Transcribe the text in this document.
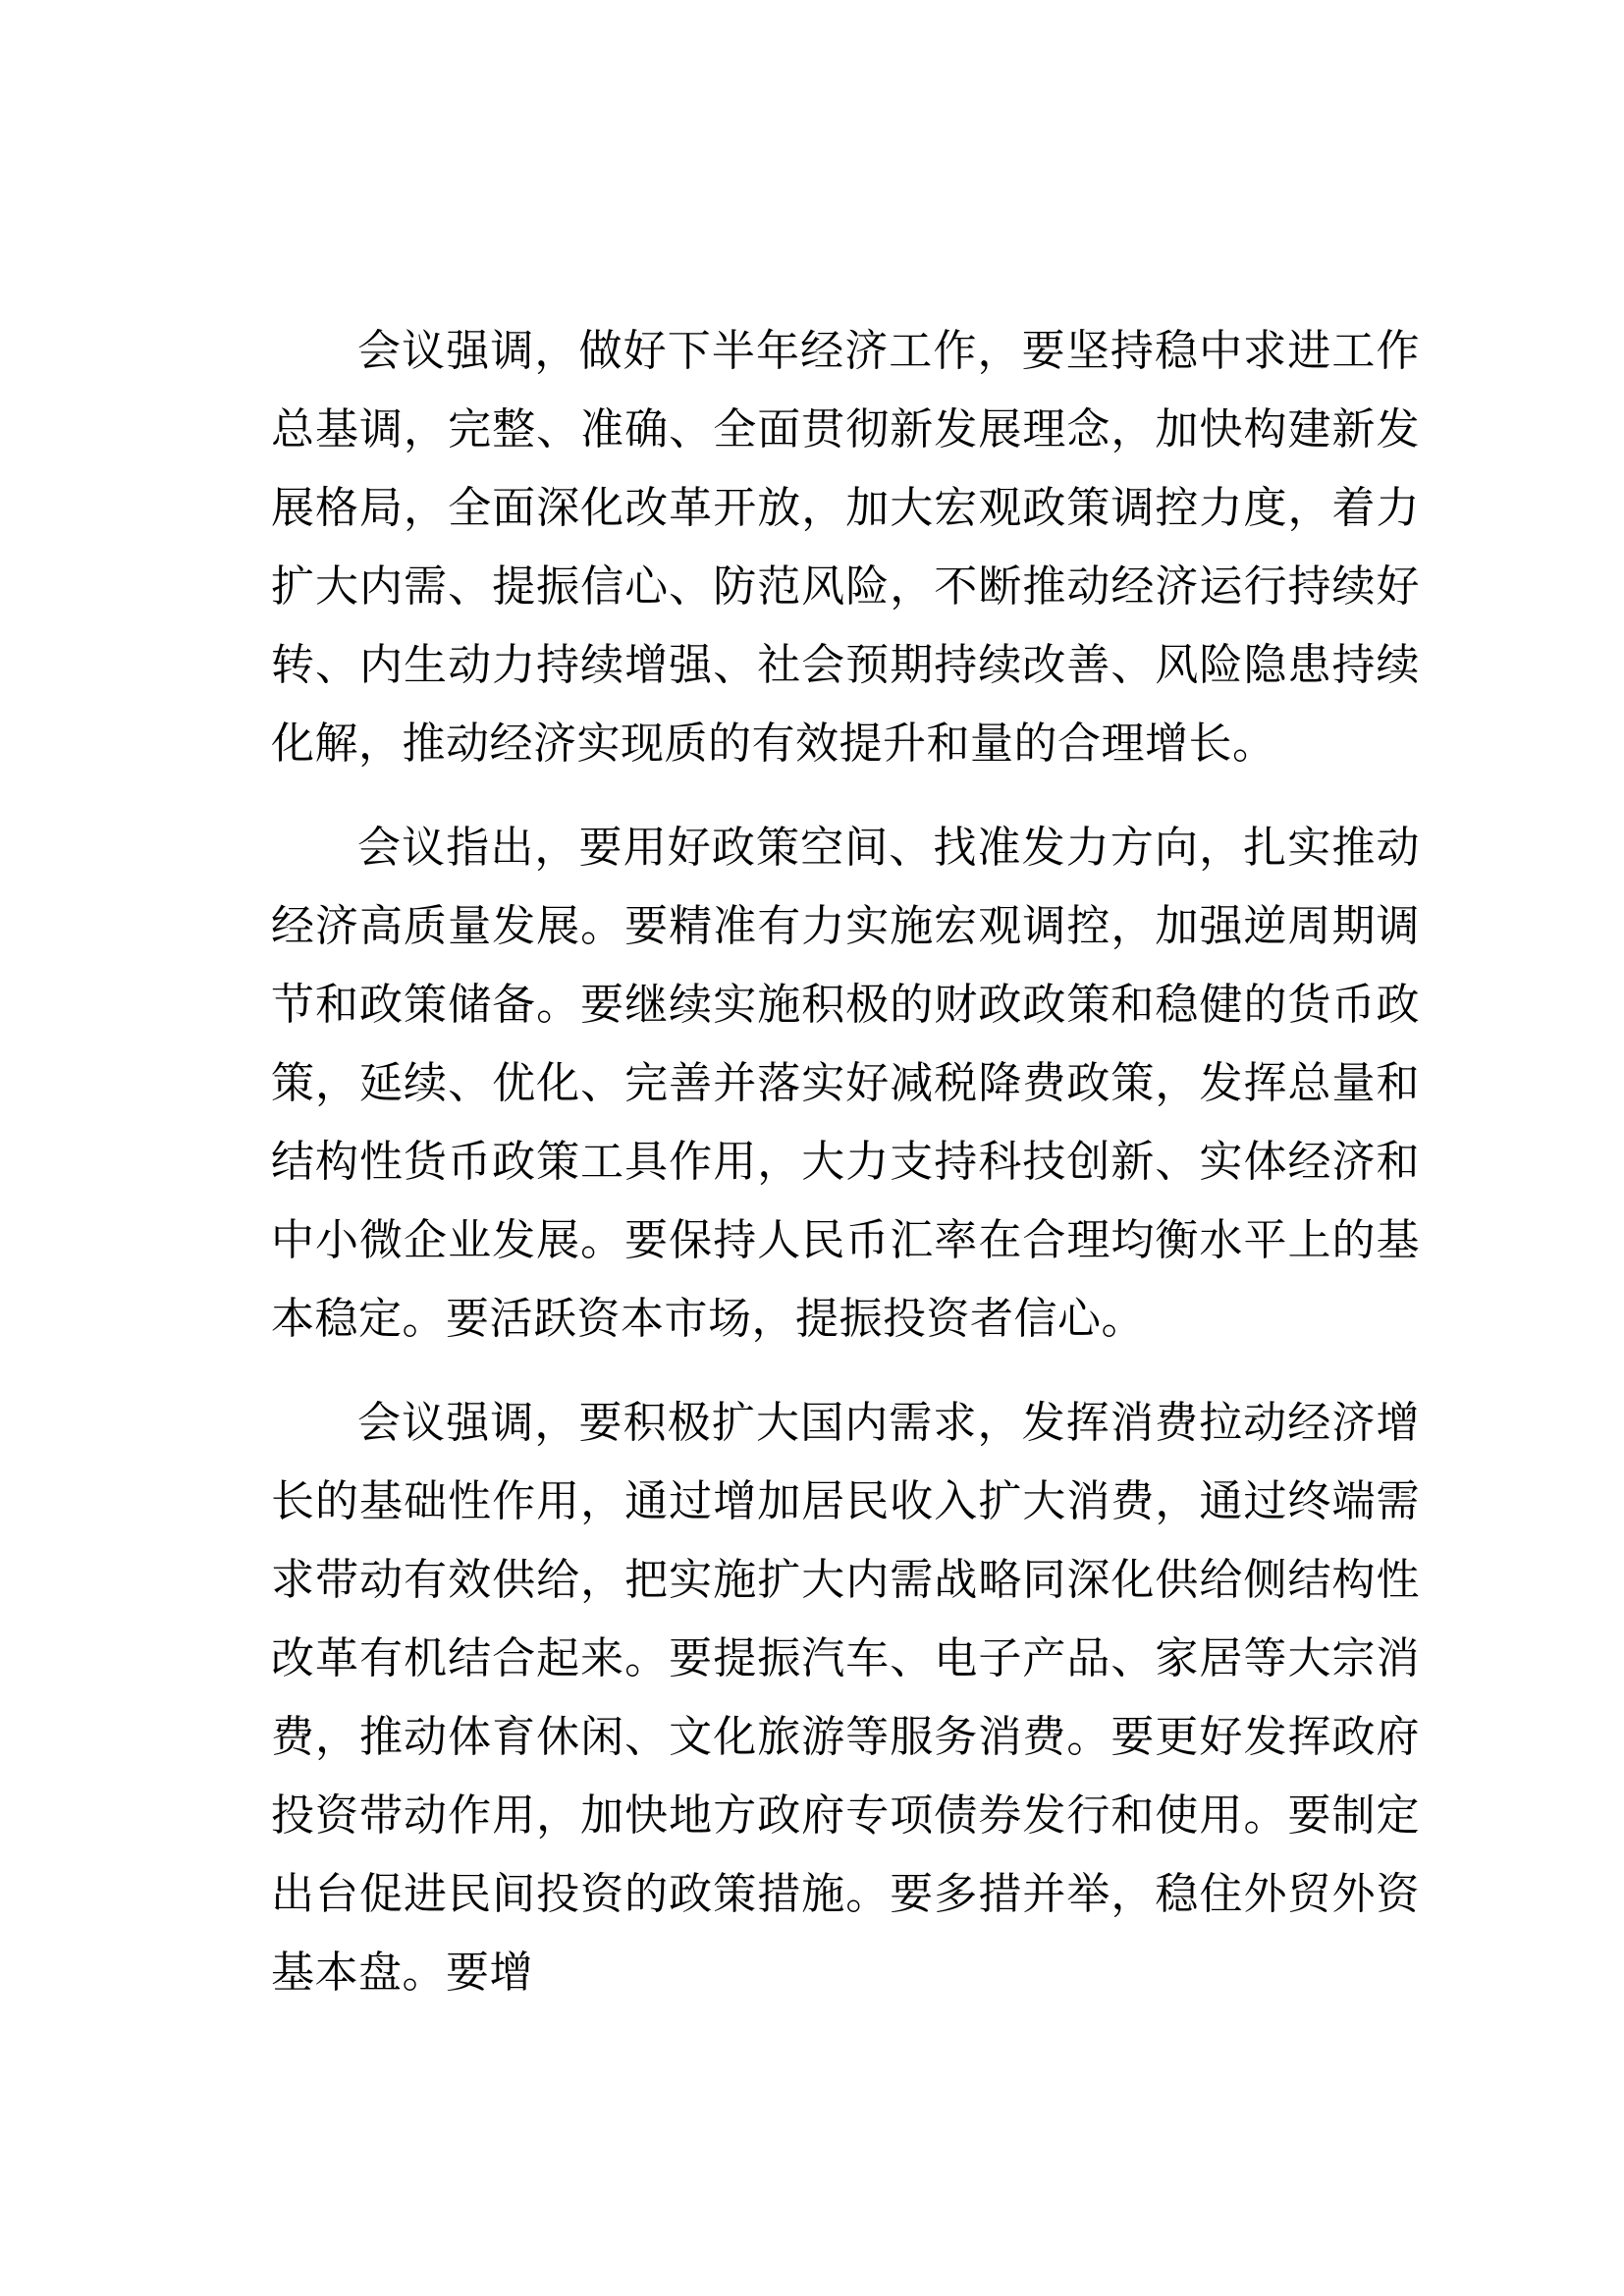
会议强调，做好下半年经济工作，要坚持稳中求进工作总基调，完整、准确、全面贯彻新发展理念，加快构建新发展格局，全面深化改革开放，加大宏观政策调控力度，着力扩大内需、提振信心、防范风险，不断推动经济运行持续好转、内生动力持续增强、社会预期持续改善、风险隐患持续化解，推动经济实现质的有效提升和量的合理增长。

会议指出，要用好政策空间、找准发力方向，扎实推动经济高质量发展。要精准有力实施宏观调控，加强逆周期调节和政策储备。要继续实施积极的财政政策和稳健的货币政策，延续、优化、完善并落实好减税降费政策，发挥总量和结构性货币政策工具作用，大力支持科技创新、实体经济和中小微企业发展。要保持人民币汇率在合理均衡水平上的基本稳定。要活跃资本市场，提振投资者信心。

会议强调，要积极扩大国内需求，发挥消费拉动经济增长的基础性作用，通过增加居民收入扩大消费，通过终端需求带动有效供给，把实施扩大内需战略同深化供给侧结构性改革有机结合起来。要提振汽车、电子产品、家居等大宗消费，推动体育休闲、文化旅游等服务消费。要更好发挥政府投资带动作用，加快地方政府专项债券发行和使用。要制定出台促进民间投资的政策措施。要多措并举，稳住外贸外资基本盘。要增
